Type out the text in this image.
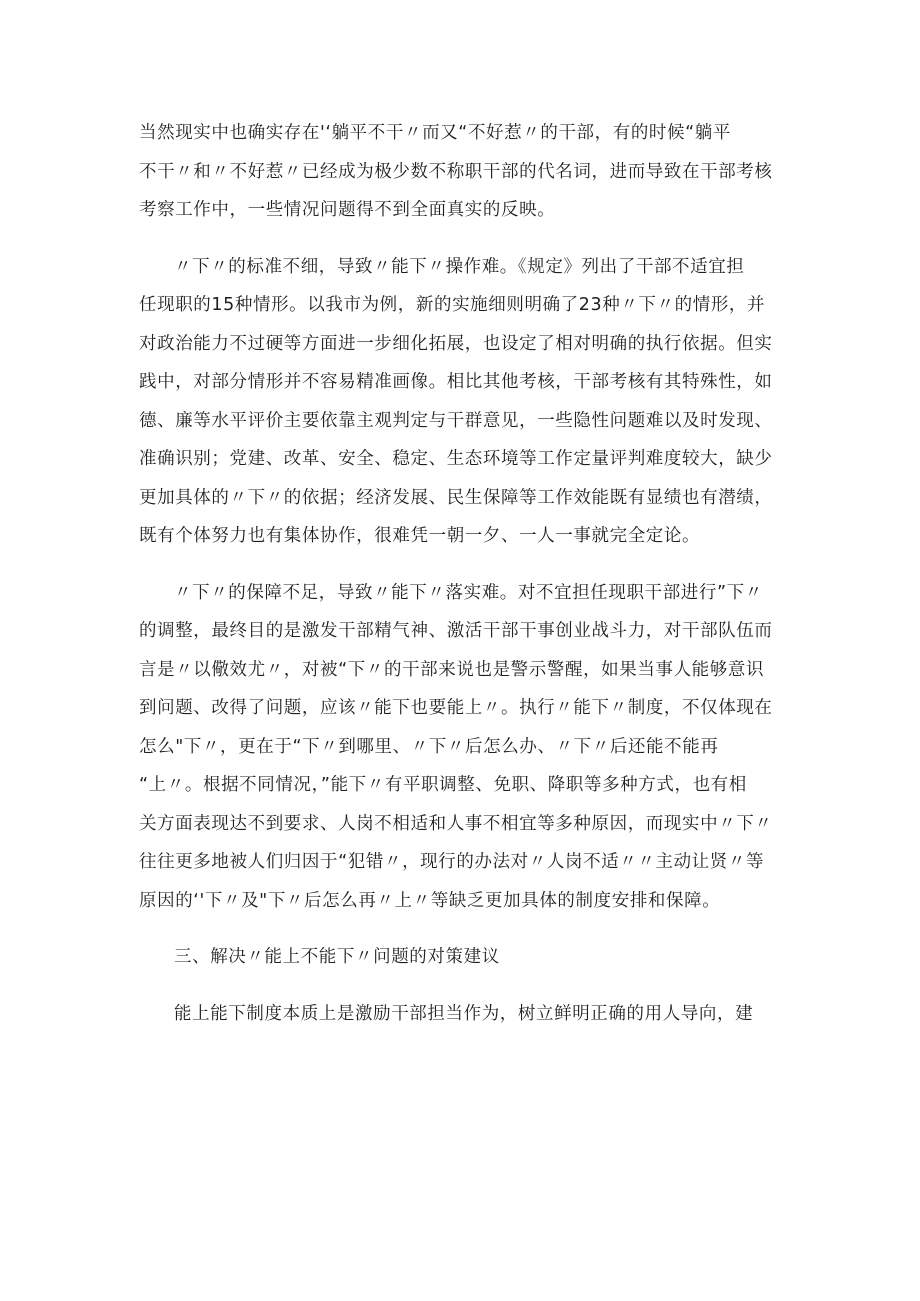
当然现实中也确实存在'‘躺平不干〃而又“不好惹〃的干部，有的时候“躺平
不干〃和〃不好惹〃已经成为极少数不称职干部的代名词，进而导致在干部考核
考察工作中，一些情况问题得不到全面真实的反映。
〃下〃的标准不细，导致〃能下〃操作难。《规定》列出了干部不适宜担
任现职的15种情形。以我市为例，新的实施细则明确了23种〃下〃的情形，并
对政治能力不过硬等方面进一步细化拓展，也设定了相对明确的执行依据。但实
践中，对部分情形并不容易精准画像。相比其他考核，干部考核有其特殊性，如
德、廉等水平评价主要依靠主观判定与干群意见，一些隐性问题难以及时发现、
准确识别；党建、改革、安全、稳定、生态环境等工作定量评判难度较大，缺少
更加具体的〃下〃的依据；经济发展、民生保障等工作效能既有显绩也有潜绩，
既有个体努力也有集体协作，很难凭一朝一夕、一人一事就完全定论。
〃下〃的保障不足，导致〃能下〃落实难。对不宜担任现职干部进行”下〃
的调整，最终目的是激发干部精气神、激活干部干事创业战斗力，对干部队伍而
言是〃以儆效尤〃，对被“下〃的干部来说也是警示警醒，如果当事人能够意识
到问题、改得了问题，应该〃能下也要能上〃。执行〃能下〃制度，不仅体现在
怎么"下〃，更在于“下〃到哪里、〃下〃后怎么办、〃下〃后还能不能再
“上〃。根据不同情况，”能下〃有平职调整、免职、降职等多种方式，也有相
关方面表现达不到要求、人岗不相适和人事不相宜等多种原因，而现实中〃下〃
往往更多地被人们归因于“犯错〃，现行的办法对〃人岗不适〃〃主动让贤〃等
原因的‘'下〃及"下〃后怎么再〃上〃等缺乏更加具体的制度安排和保障。
三、解决〃能上不能下〃问题的对策建议
能上能下制度本质上是激励干部担当作为，树立鲜明正确的用人导向，建
